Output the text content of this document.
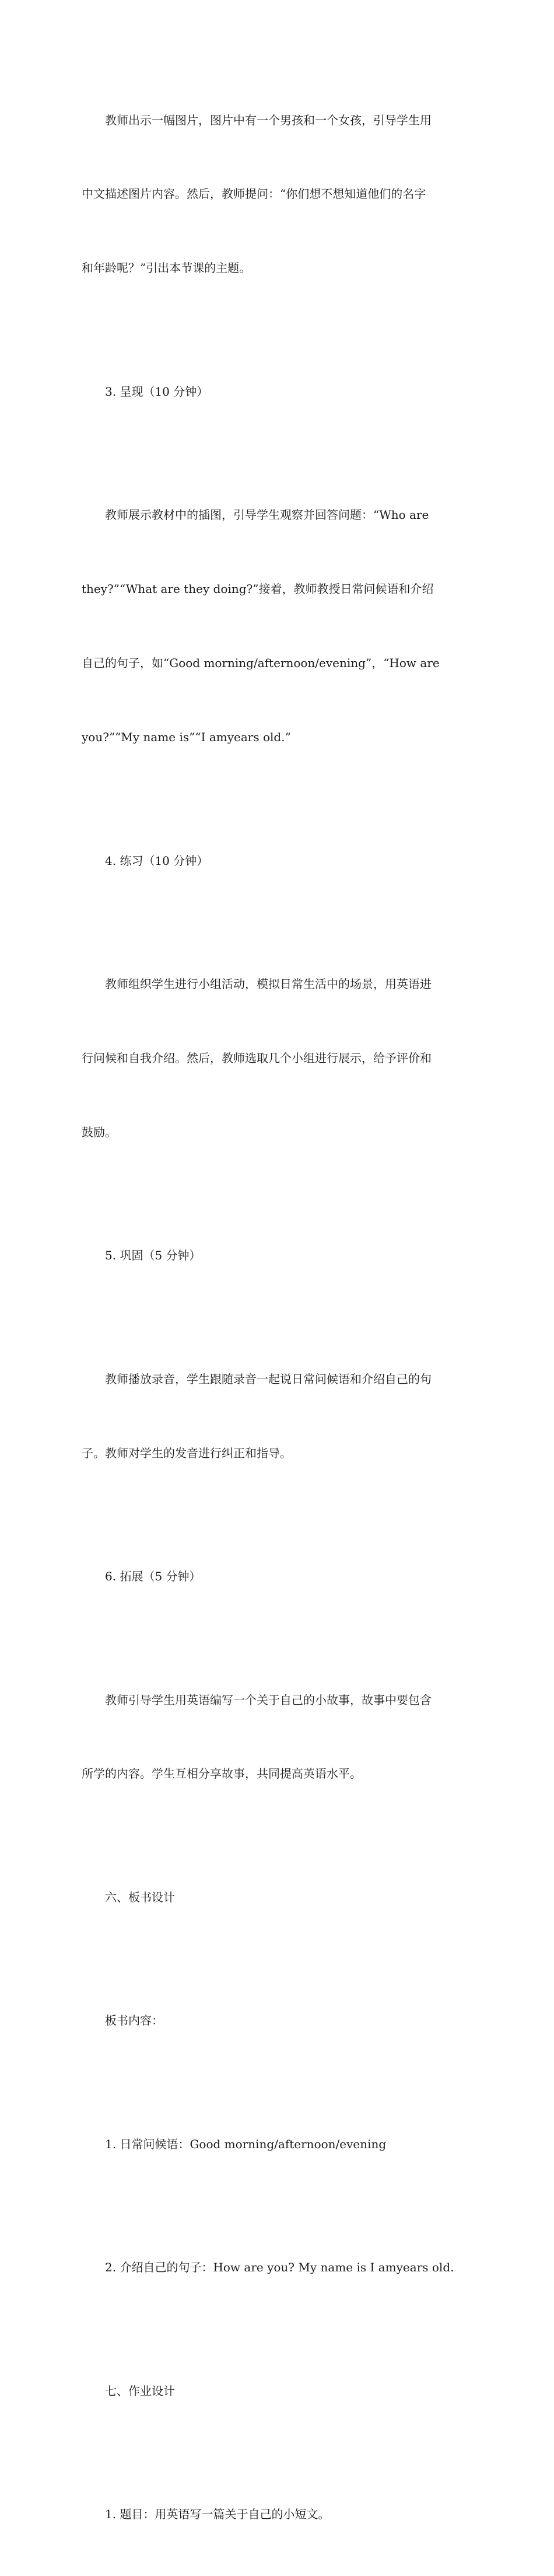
教师出示一幅图片，图片中有一个男孩和一个女孩，引导学生用

中文描述图片内容。然后，教师提问：“你们想不想知道他们的名字

和年龄呢？”引出本节课的主题。

3. 呈现（10 分钟）

教师展示教材中的插图，引导学生观察并回答问题：“Who are

they?”“What are they doing?”接着，教师教授日常问候语和介绍

自己的句子，如“Good morning/afternoon/evening”，“How are

you?”“My name is”“I amyears old.”

4. 练习（10 分钟）

教师组织学生进行小组活动，模拟日常生活中的场景，用英语进

行问候和自我介绍。然后，教师选取几个小组进行展示，给予评价和

鼓励。

5. 巩固（5 分钟）

教师播放录音，学生跟随录音一起说日常问候语和介绍自己的句

子。教师对学生的发音进行纠正和指导。

6. 拓展（5 分钟）

教师引导学生用英语编写一个关于自己的小故事，故事中要包含

所学的内容。学生互相分享故事，共同提高英语水平。

六、板书设计

板书内容：

1. 日常问候语：Good morning/afternoon/evening

2. 介绍自己的句子：How are you? My name is I amyears old.

七、作业设计

1. 题目：用英语写一篇关于自己的小短文。
